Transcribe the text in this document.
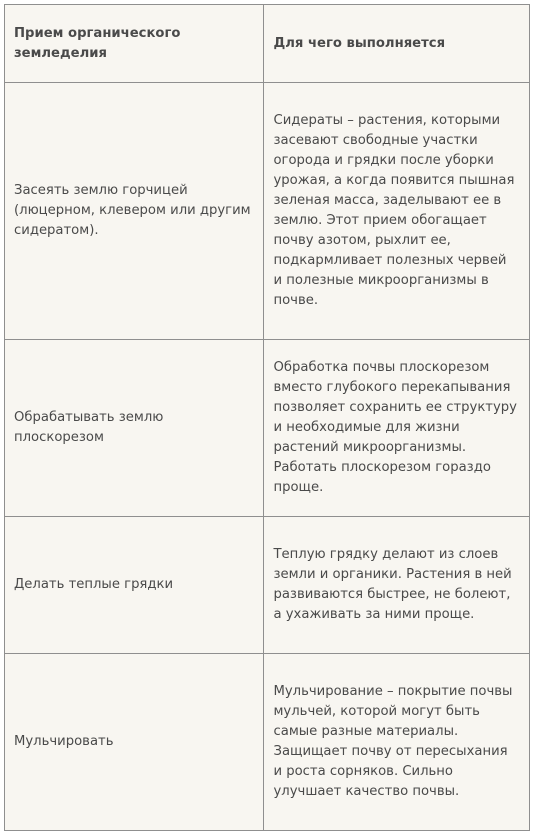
Прием органического земледелия	Для чего выполняется
Засеять землю горчицей (люцерном, клевером или другим сидератом).	Сидераты – растения, которыми засевают свободные участки огорода и грядки после уборки урожая, а когда появится пышная зеленая масса, заделывают ее в землю. Этот прием обогащает почву азотом, рыхлит ее, подкармливает полезных червей и полезные микроорганизмы в почве.
Обрабатывать землю плоскорезом	Обработка почвы плоскорезом вместо глубокого перекапывания позволяет сохранить ее структуру и необходимые для жизни растений микроорганизмы. Работать плоскорезом гораздо проще.
Делать теплые грядки	Теплую грядку делают из слоев земли и органики. Растения в ней развиваются быстрее, не болеют, а ухаживать за ними проще.
Мульчировать	Мульчирование – покрытие почвы мульчей, которой могут быть самые разные материалы. Защищает почву от пересыхания и роста сорняков. Сильно улучшает качество почвы.
